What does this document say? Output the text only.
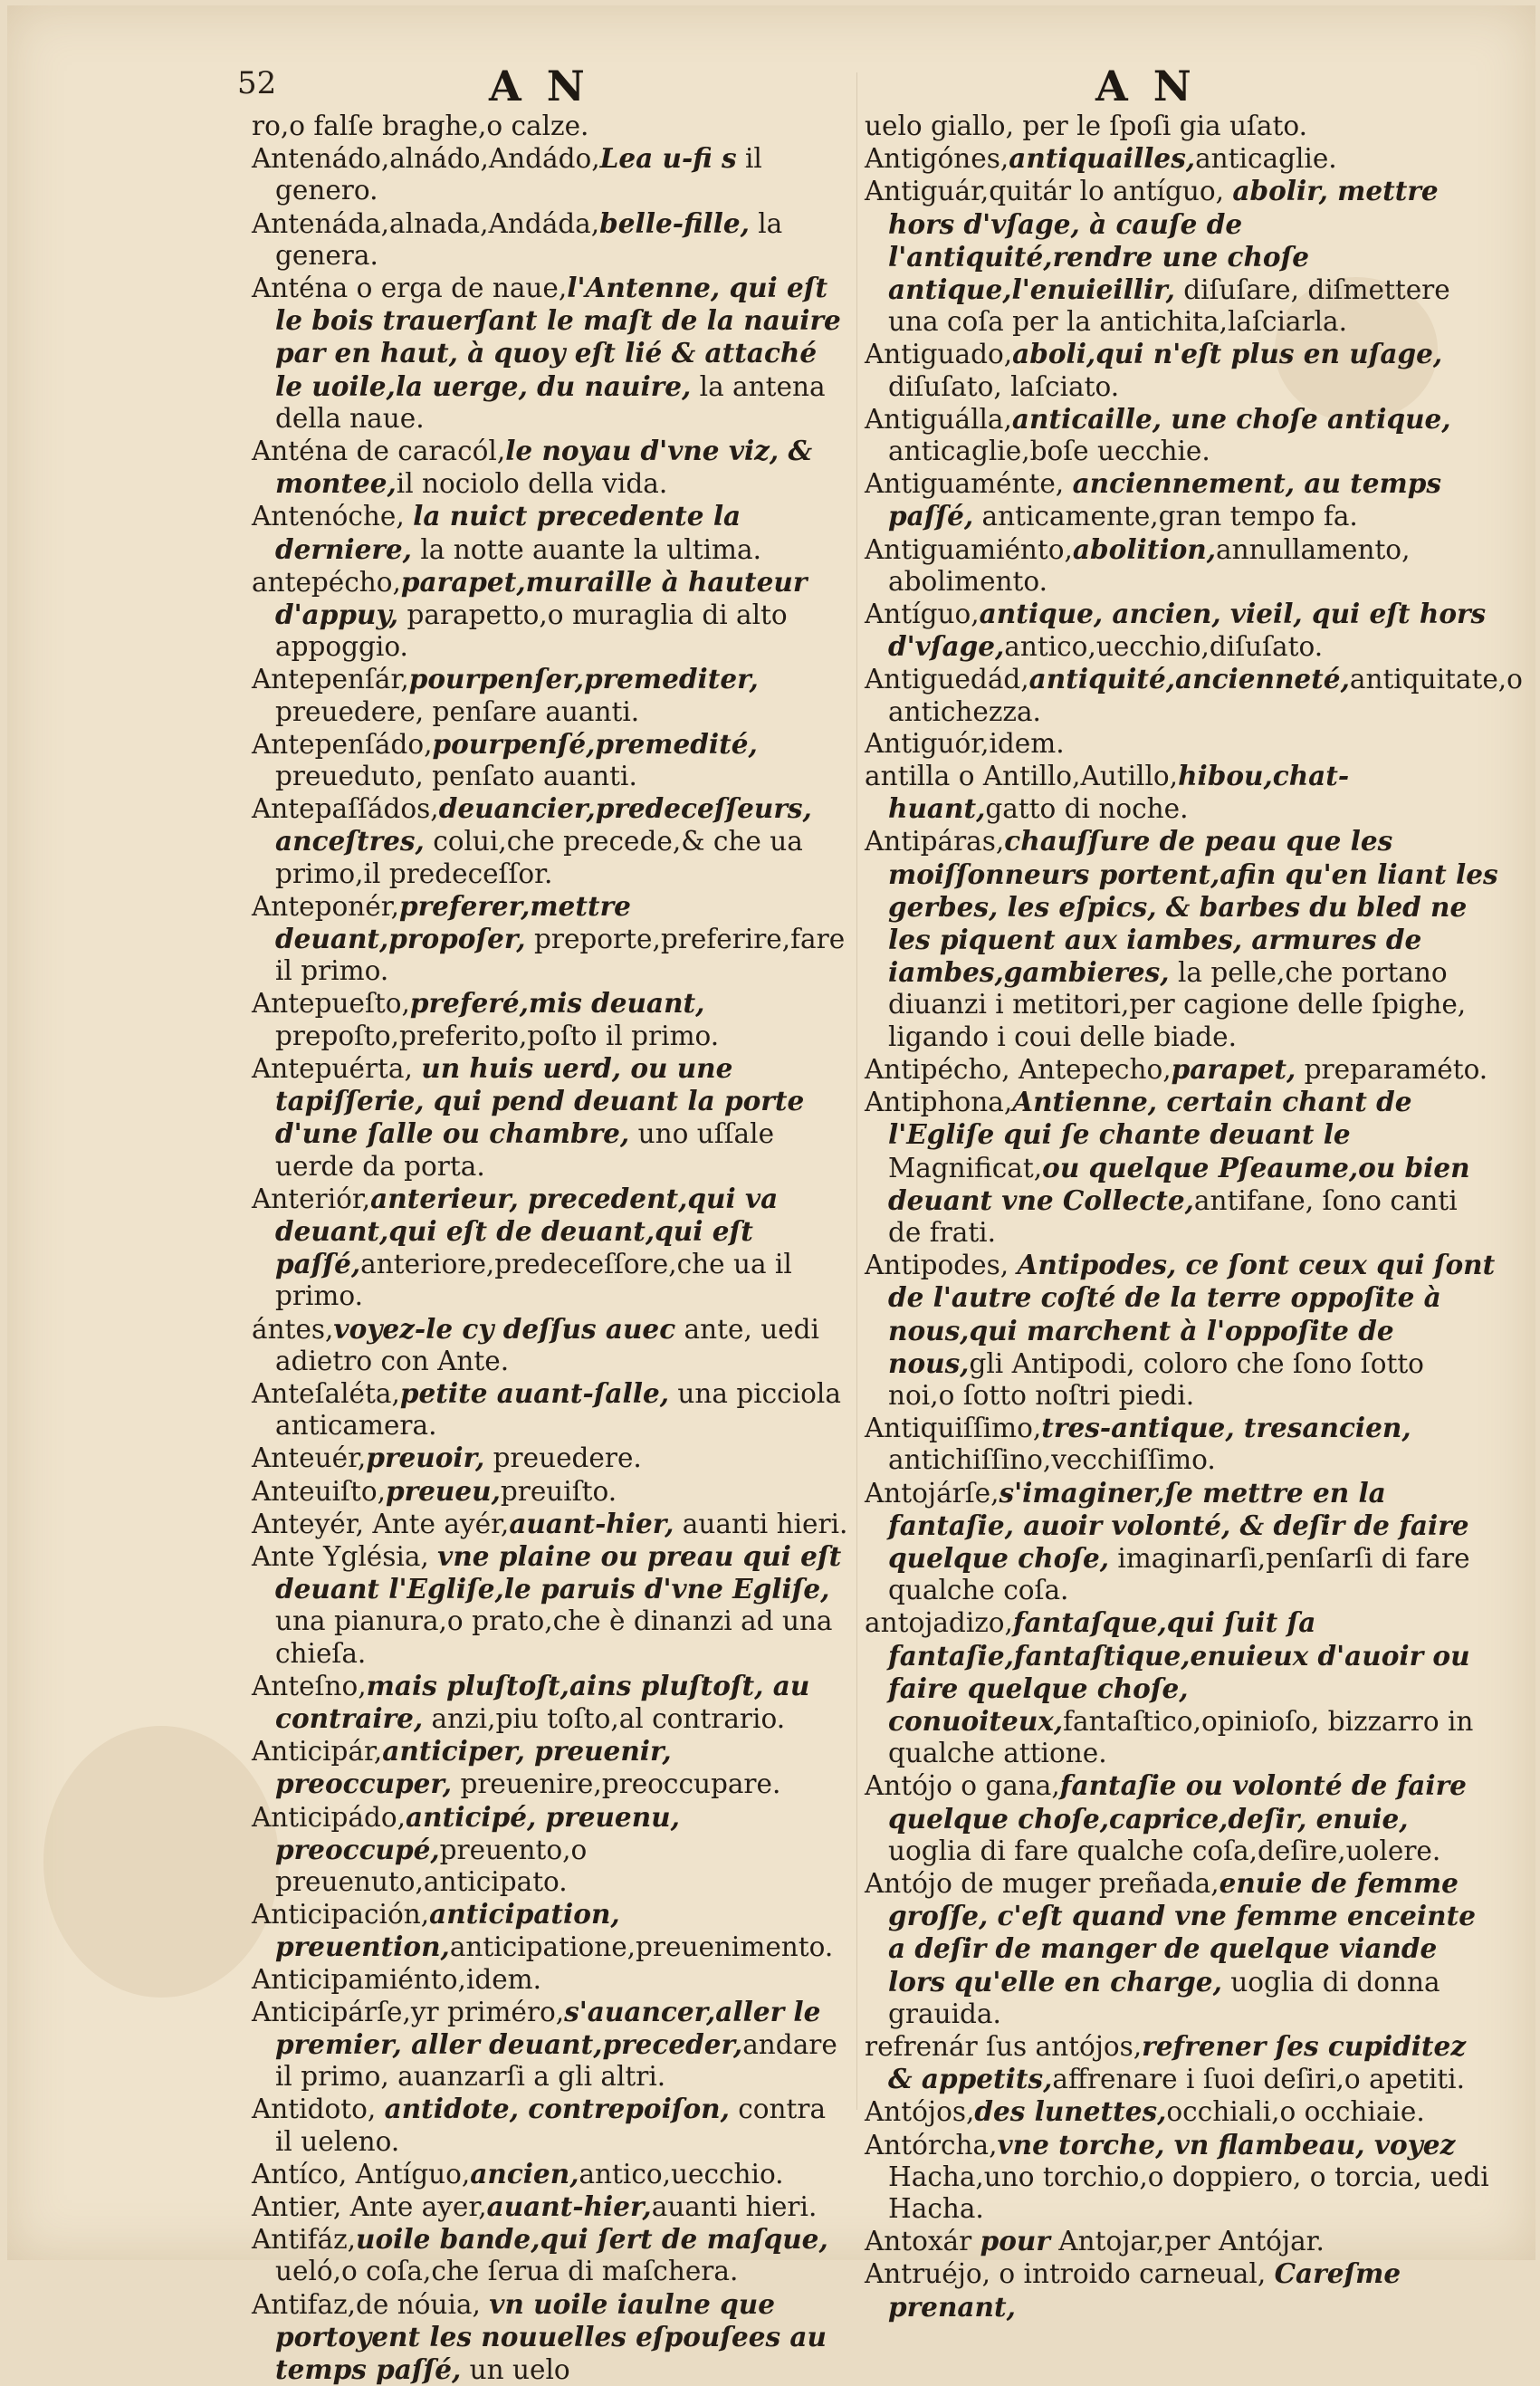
52	A N	A N

ro,o falſe braghe,o calze.

Antenádo,alnádo,Andádo,Lea u-fi s il genero.

Antenáda,alnada,Andáda,belle-fille, la genera.

Anténa o erga de naue,l'Antenne, qui eſt le bois trauerſant le maſt de la nauire par en haut, à quoy eſt lié & attaché le uoile,la uerge, du nauire, la antena della naue.

Anténa de caracól,le noyau d'vne viz, & montee,il nociolo della vida.

Antenóche, la nuict precedente la derniere, la notte auante la ultima.

antepécho,parapet,muraille à hauteur d'appuy, parapetto,o muraglia di alto appoggio.

Antepenſár,pourpenſer,premediter, preuedere, penſare auanti.

Antepenſádo,pourpenſé,premedité, preueduto, penſato auanti.

Antepaſſádos,deuancier,predeceſſeurs, anceſtres, colui,che precede,& che ua primo,il predeceſſor.

Anteponér,preferer,mettre deuant,propoſer, preporte,preferire,fare il primo.

Antepueſto,preferé,mis deuant, prepoſto,preferito,poſto il primo.

Antepuérta, un huis uerd, ou une tapiſſerie, qui pend deuant la porte d'une ſalle ou chambre, uno uſſale uerde da porta.

Anteriór,anterieur, precedent,qui va deuant,qui eſt de deuant,qui eſt paſſé,anteriore,predeceſſore,che ua il primo.

ántes,voyez-le cy deſſus auec ante, uedi adietro con Ante.

Anteſaléta,petite auant-ſalle, una picciola anticamera.

Anteuér,preuoir, preuedere.

Anteuiſto,preueu,preuiſto.

Anteyér, Ante ayér,auant-hier, auanti hieri.

Ante Yglésia, vne plaine ou preau qui eſt deuant l'Egliſe,le paruis d'vne Egliſe, una pianura,o prato,che è dinanzi ad una chieſa.

Anteſno,mais pluſtoſt,ains pluſtoſt, au contraire, anzi,piu toſto,al contrario.

Anticipár,anticiper, preuenir, preoccuper, preuenire,preoccupare.

Anticipádo,anticipé, preuenu, preoccupé,preuento,o preuenuto,anticipato.

Anticipación,anticipation, preuention,anticipatione,preuenimento.

Anticipamiénto,idem.

Anticipárſe,yr priméro,s'auancer,aller le premier, aller deuant,preceder,andare il primo, auanzarſi a gli altri.

Antidoto, antidote, contrepoiſon, contra il ueleno.

Antíco, Antíguo,ancien,antico,uecchio.

Antier, Ante ayer,auant-hier,auanti hieri.

Antifáz,uoile bande,qui ſert de maſque, ueló,o coſa,che ſerua di maſchera.

Antifaz,de nóuia, vn uoile iaulne que portoyent les nouuelles eſpouſees au temps paſſé, un uelo

uelo giallo, per le ſpoſi gia uſato.

Antigónes,antiquailles,anticaglie.

Antiguár,quitár lo antíguo, abolir, mettre hors d'vſage, à cauſe de l'antiquité,rendre une choſe antique,l'enuieillir, diſuſare, diſmettere una coſa per la antichita,laſciarla.

Antiguado,aboli,qui n'eſt plus en uſage, diſuſato, laſciato.

Antiguálla,anticaille, une choſe antique, anticaglie,boſe uecchie.

Antiguaménte, anciennement, au temps paſſé, anticamente,gran tempo fa.

Antiguamiénto,abolition,annullamento, abolimento.

Antíguo,antique, ancien, vieil, qui eſt hors d'vſage,antico,uecchio,diſuſato.

Antiguedád,antiquité,ancienneté,antiquitate,o antichezza.

Antiguór,idem.

antilla o Antillo,Autillo,hibou,chat-huant,gatto di noche.

Antipáras,chauſſure de peau que les moiſſonneurs portent,afin qu'en liant les gerbes, les eſpics, & barbes du bled ne les piquent aux iambes, armures de iambes,gambieres, la pelle,che portano diuanzi i metitori,per cagione delle ſpighe, ligando i coui delle biade.

Antipécho, Antepecho,parapet, preparaméto.

Antiphona,Antienne, certain chant de l'Egliſe qui ſe chante deuant le Magnificat,ou quelque Pſeaume,ou bien deuant vne Collecte,antifane, ſono canti de frati.

Antipodes, Antipodes, ce ſont ceux qui ſont de l'autre coſté de la terre oppoſite à nous,qui marchent à l'oppoſite de nous,gli Antipodi, coloro che ſono ſotto noi,o ſotto noſtri piedi.

Antiquiſſimo,tres-antique, tresancien, antichiſſino,vecchiſſimo.

Antojárſe,s'imaginer,ſe mettre en la fantaſie, auoir volonté, & deſir de faire quelque choſe, imaginarſi,penſarſi di fare qualche coſa.

antojadizo,fantaſque,qui ſuit ſa fantaſie,fantaſtique,enuieux d'auoir ou faire quelque choſe, conuoiteux,fantaſtico,opinioſo, bizzarro in qualche attione.

Antójo o gana,fantaſie ou volonté de faire quelque choſe,caprice,deſir, enuie, uoglia di fare qualche coſa,deſire,uolere.

Antójo de muger preñada,enuie de femme groſſe, c'eſt quand vne femme enceinte a deſir de manger de quelque viande lors qu'elle en charge, uoglia di donna grauida.

refrenár ſus antójos,refrener ſes cupiditez & appetits,affrenare i ſuoi deſiri,o apetiti.

Antójos,des lunettes,occhiali,o occhiaie.

Antórcha,vne torche, vn flambeau, voyez Hacha,uno torchio,o doppiero, o torcia, uedi Hacha.

Antoxár pour Antojar,per Antójar.

Antruéjo, o introido carneual, Careſme prenant,
